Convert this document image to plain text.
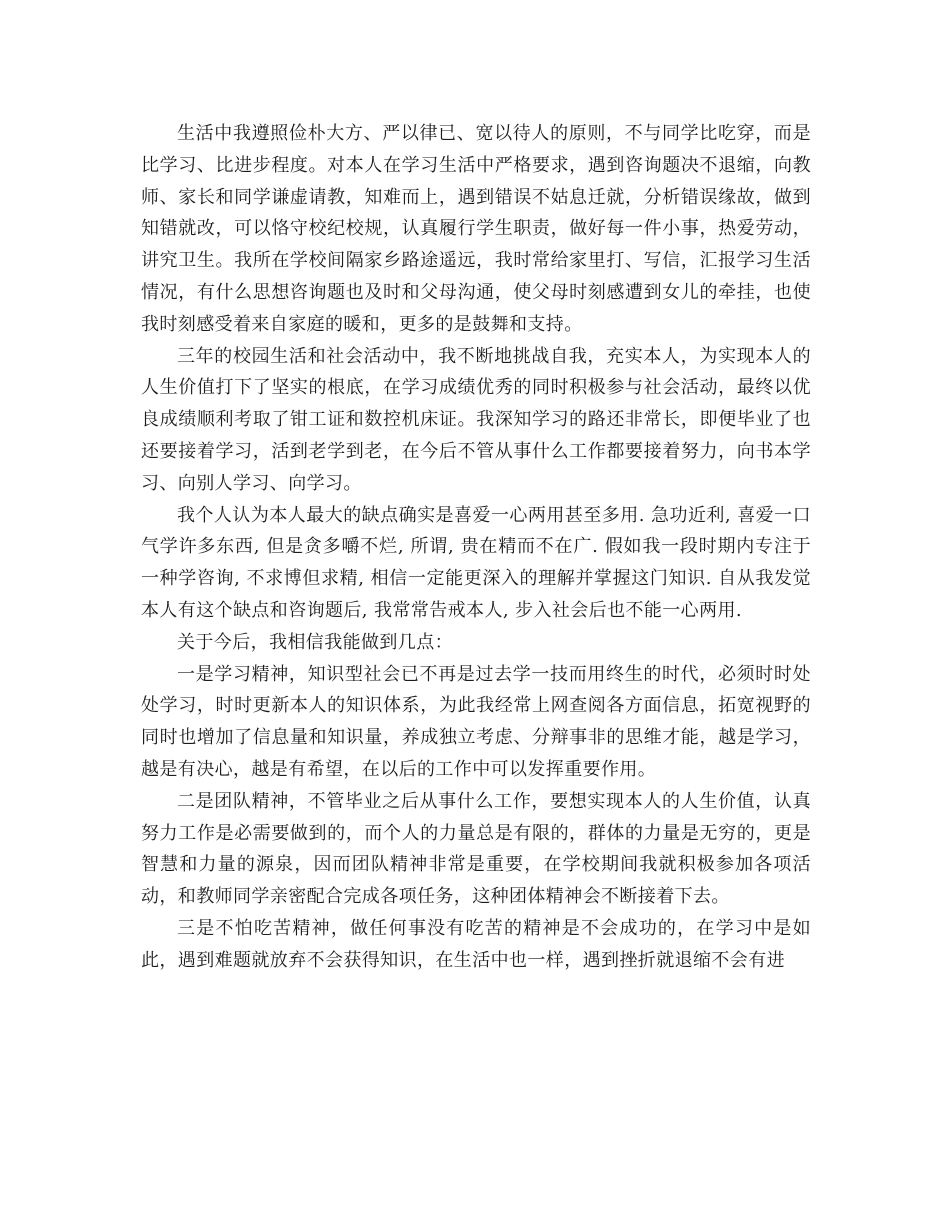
生活中我遵照俭朴大方、严以律已、宽以待人的原则，不与同学比吃穿，而是比学习、比进步程度。对本人在学习生活中严格要求，遇到咨询题决不退缩，向教师、家长和同学谦虚请教，知难而上，遇到错误不姑息迁就，分析错误缘故，做到知错就改，可以恪守校纪校规，认真履行学生职责，做好每一件小事，热爱劳动，讲究卫生。我所在学校间隔家乡路途遥远，我时常给家里打、写信，汇报学习生活情况，有什么思想咨询题也及时和父母沟通，使父母时刻感遭到女儿的牵挂，也使我时刻感受着来自家庭的暖和，更多的是鼓舞和支持。

三年的校园生活和社会活动中，我不断地挑战自我，充实本人，为实现本人的人生价值打下了坚实的根底，在学习成绩优秀的同时积极参与社会活动，最终以优良成绩顺利考取了钳工证和数控机床证。我深知学习的路还非常长，即便毕业了也还要接着学习，活到老学到老，在今后不管从事什么工作都要接着努力，向书本学习、向别人学习、向学习。

我个人认为本人最大的缺点确实是喜爱一心两用甚至多用. 急功近利, 喜爱一口气学许多东西, 但是贪多嚼不烂, 所谓, 贵在精而不在广. 假如我一段时期内专注于一种学咨询, 不求博但求精, 相信一定能更深入的理解并掌握这门知识. 自从我发觉本人有这个缺点和咨询题后, 我常常告戒本人, 步入社会后也不能一心两用.

关于今后，我相信我能做到几点：

一是学习精神，知识型社会已不再是过去学一技而用终生的时代，必须时时处处学习，时时更新本人的知识体系，为此我经常上网查阅各方面信息，拓宽视野的同时也增加了信息量和知识量，养成独立考虑、分辩事非的思维才能，越是学习，越是有决心，越是有希望，在以后的工作中可以发挥重要作用。

二是团队精神，不管毕业之后从事什么工作，要想实现本人的人生价值，认真努力工作是必需要做到的，而个人的力量总是有限的，群体的力量是无穷的，更是智慧和力量的源泉，因而团队精神非常是重要，在学校期间我就积极参加各项活动，和教师同学亲密配合完成各项任务，这种团体精神会不断接着下去。

三是不怕吃苦精神，做任何事没有吃苦的精神是不会成功的，在学习中是如此，遇到难题就放弃不会获得知识，在生活中也一样，遇到挫折就退缩不会有进
